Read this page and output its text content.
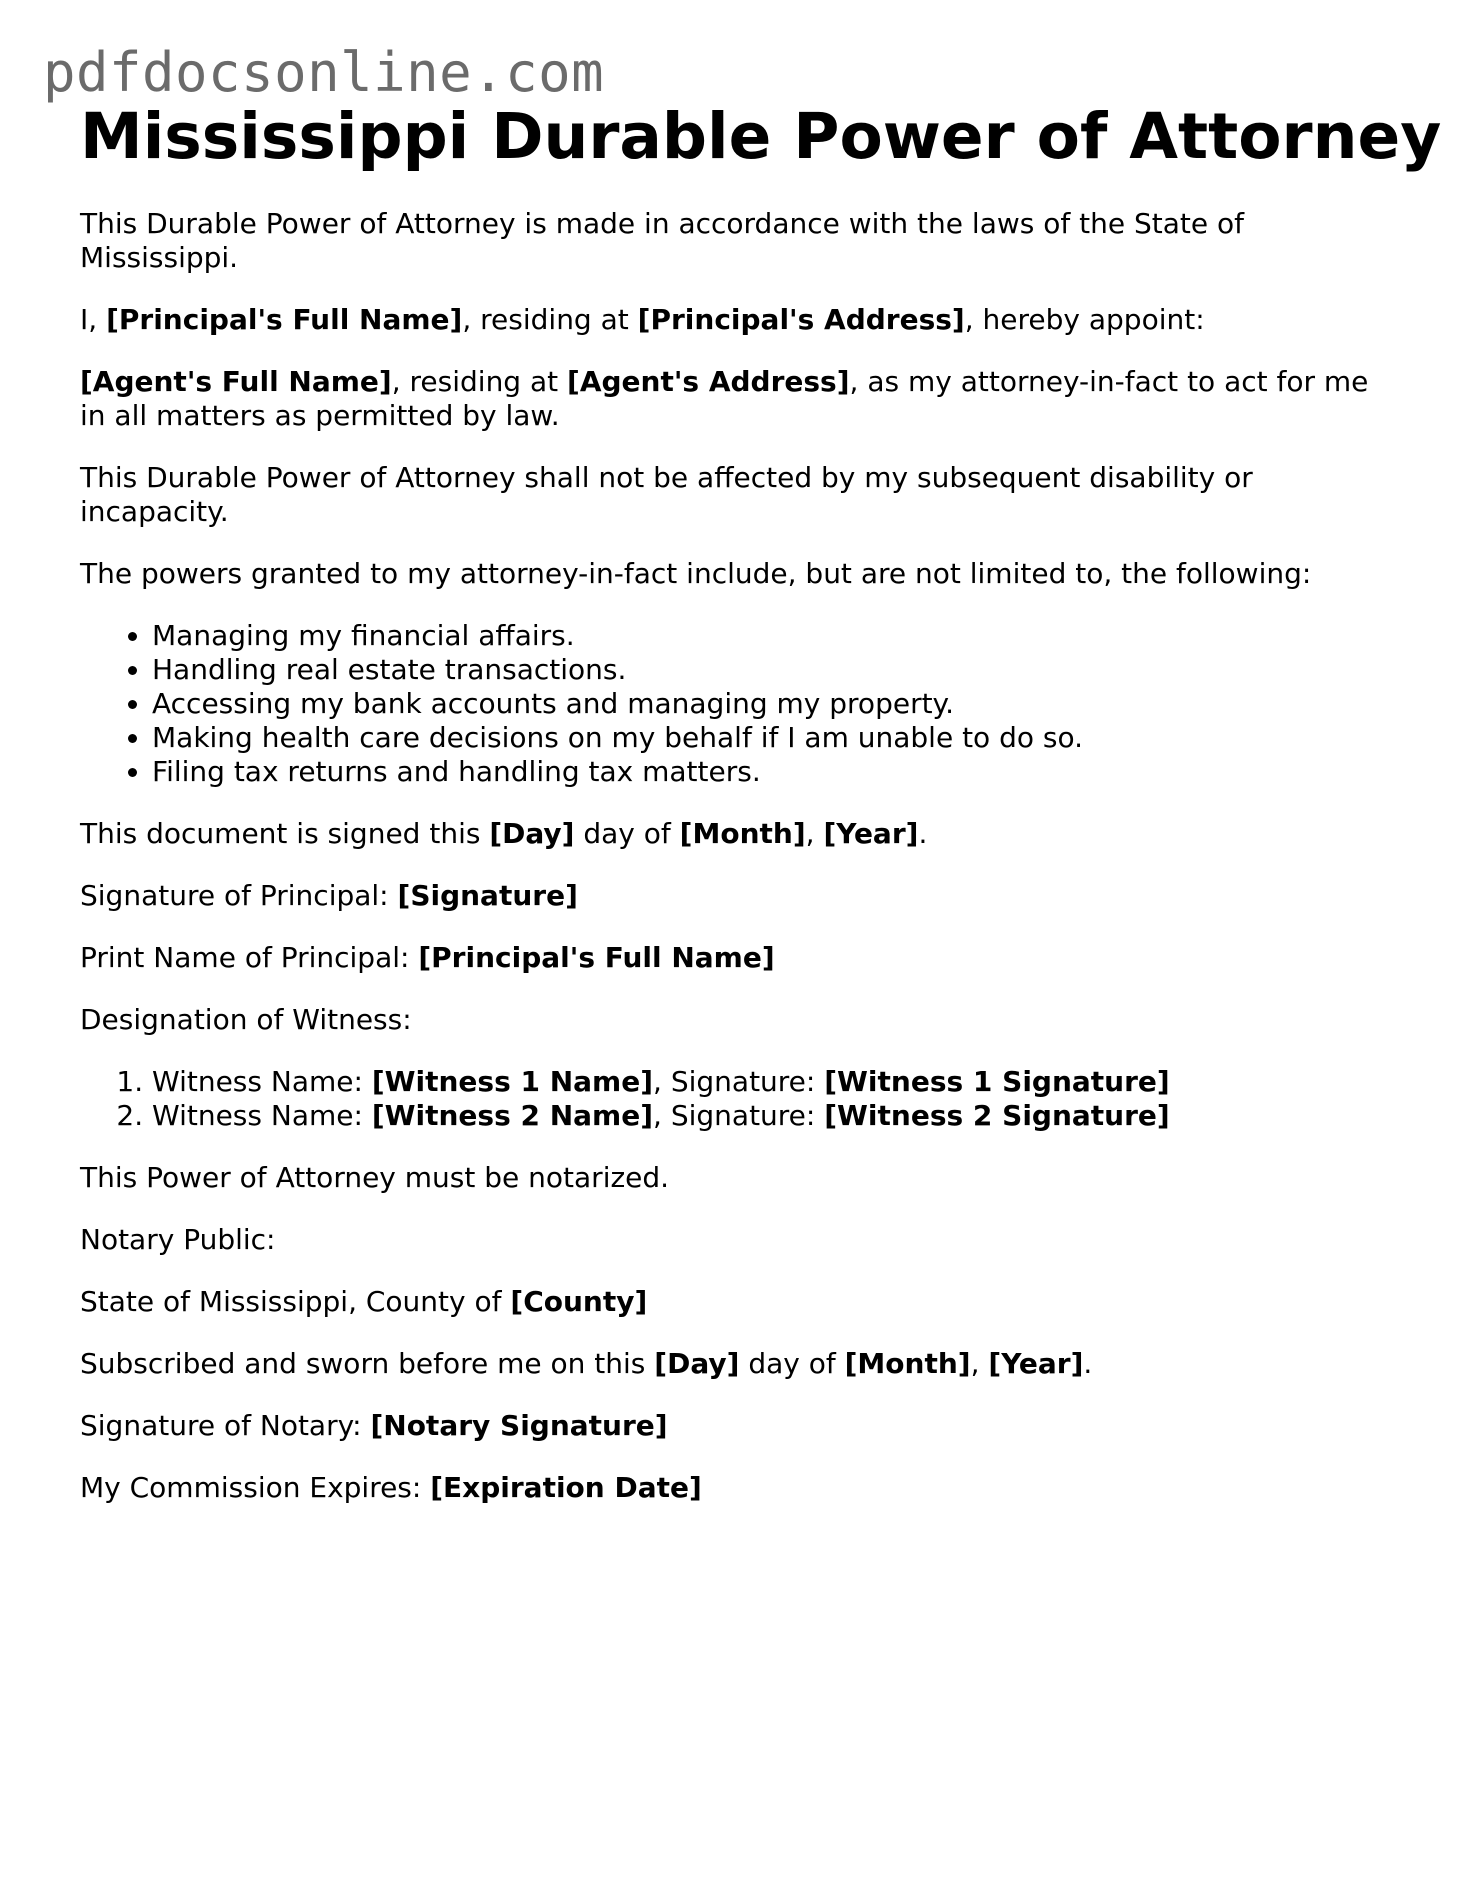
pdfdocsonline.com
Mississippi Durable Power of Attorney

This Durable Power of Attorney is made in accordance with the laws of the State of Mississippi.

I, [Principal's Full Name], residing at [Principal's Address], hereby appoint:

[Agent's Full Name], residing at [Agent's Address], as my attorney-in-fact to act for me in all matters as permitted by law.

This Durable Power of Attorney shall not be affected by my subsequent disability or incapacity.

The powers granted to my attorney-in-fact include, but are not limited to, the following:

• Managing my financial affairs.
• Handling real estate transactions.
• Accessing my bank accounts and managing my property.
• Making health care decisions on my behalf if I am unable to do so.
• Filing tax returns and handling tax matters.

This document is signed this [Day] day of [Month], [Year].

Signature of Principal: [Signature]

Print Name of Principal: [Principal's Full Name]

Designation of Witness:

1. Witness Name: [Witness 1 Name], Signature: [Witness 1 Signature]
2. Witness Name: [Witness 2 Name], Signature: [Witness 2 Signature]

This Power of Attorney must be notarized.

Notary Public:

State of Mississippi, County of [County]

Subscribed and sworn before me on this [Day] day of [Month], [Year].

Signature of Notary: [Notary Signature]

My Commission Expires: [Expiration Date]
